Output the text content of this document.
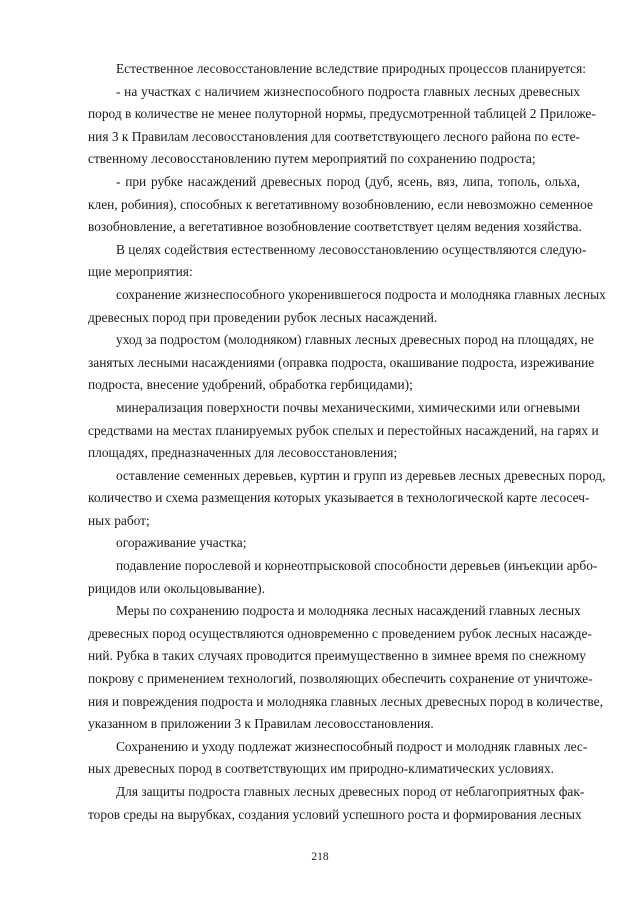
Естественное лесовосстановление вследствие природных процессов планируется:
- на участках с наличием жизнеспособного подроста главных лесных древесных
пород в количестве не менее полуторной нормы, предусмотренной таблицей 2 Приложе-
ния 3 к Правилам лесовосстановления для соответствующего лесного района по есте-
ственному лесовосстановлению путем мероприятий по сохранению подроста;
- при рубке насаждений древесных пород (дуб, ясень, вяз, липа, тополь, ольха,
клен, робиния), способных к вегетативному возобновлению, если невозможно семенное
возобновление, а вегетативное возобновление соответствует целям ведения хозяйства.
В целях содействия естественному лесовосстановлению осуществляются следую-
щие мероприятия:
сохранение жизнеспособного укоренившегося подроста и молодняка главных лесных
древесных пород при проведении рубок лесных насаждений.
уход за подростом (молодняком) главных лесных древесных пород на площадях, не
занятых лесными насаждениями (оправка подроста, окашивание подроста, изреживание
подроста, внесение удобрений, обработка гербицидами);
минерализация поверхности почвы механическими, химическими или огневыми
средствами на местах планируемых рубок спелых и перестойных насаждений, на гарях и
площадях, предназначенных для лесовосстановления;
оставление семенных деревьев, куртин и групп из деревьев лесных древесных пород,
количество и схема размещения которых указывается в технологической карте лесосеч-
ных работ;
огораживание участка;
подавление порослевой и корнеотпрысковой способности деревьев (инъекции арбо-
рицидов или окольцовывание).
Меры по сохранению подроста и молодняка лесных насаждений главных лесных
древесных пород осуществляются одновременно с проведением рубок лесных насажде-
ний. Рубка в таких случаях проводится преимущественно в зимнее время по снежному
покрову с применением технологий, позволяющих обеспечить сохранение от уничтоже-
ния и повреждения подроста и молодняка главных лесных древесных пород в количестве,
указанном в приложении 3 к Правилам лесовосстановления.
Сохранению и уходу подлежат жизнеспособный подрост и молодняк главных лес-
ных древесных пород в соответствующих им природно-климатических условиях.
Для защиты подроста главных лесных древесных пород от неблагоприятных фак-
торов среды на вырубках, создания условий успешного роста и формирования лесных
218
